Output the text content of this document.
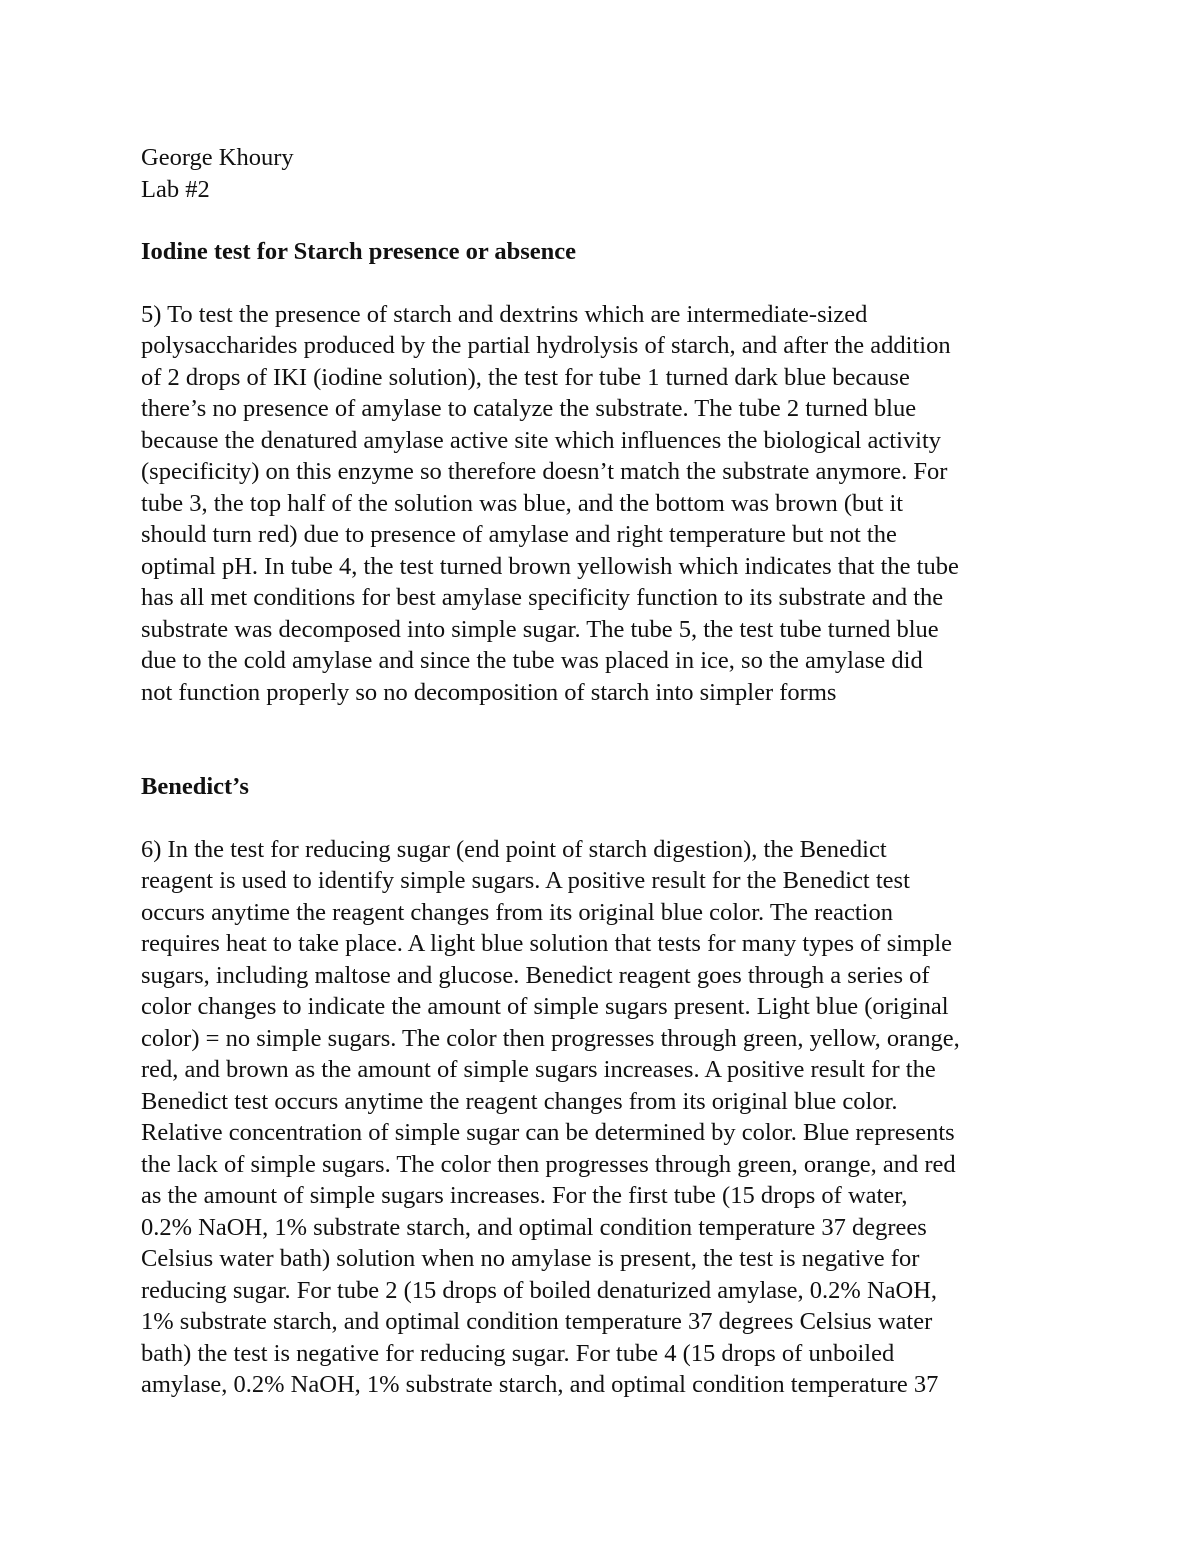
George Khoury
Lab #2
Iodine test for Starch presence or absence
5) To test the presence of starch and dextrins which are intermediate-sized
polysaccharides produced by the partial hydrolysis of starch, and after the addition
of 2 drops of IKI (iodine solution), the test for tube 1 turned dark blue because
there’s no presence of amylase to catalyze the substrate. The tube 2 turned blue
because the denatured amylase active site which influences the biological activity
(specificity) on this enzyme so therefore doesn’t match the substrate anymore. For
tube 3, the top half of the solution was blue, and the bottom was brown (but it
should turn red) due to presence of amylase and right temperature but not the
optimal pH. In tube 4, the test turned brown yellowish which indicates that the tube
has all met conditions for best amylase specificity function to its substrate and the
substrate was decomposed into simple sugar. The tube 5, the test tube turned blue
due to the cold amylase and since the tube was placed in ice, so the amylase did
not function properly so no decomposition of starch into simpler forms
Benedict’s
6) In the test for reducing sugar (end point of starch digestion), the Benedict
reagent is used to identify simple sugars. A positive result for the Benedict test
occurs anytime the reagent changes from its original blue color. The reaction
requires heat to take place. A light blue solution that tests for many types of simple
sugars, including maltose and glucose. Benedict reagent goes through a series of
color changes to indicate the amount of simple sugars present. Light blue (original
color) = no simple sugars. The color then progresses through green, yellow, orange,
red, and brown as the amount of simple sugars increases. A positive result for the
Benedict test occurs anytime the reagent changes from its original blue color.
Relative concentration of simple sugar can be determined by color. Blue represents
the lack of simple sugars. The color then progresses through green, orange, and red
as the amount of simple sugars increases. For the first tube (15 drops of water,
0.2% NaOH, 1% substrate starch, and optimal condition temperature 37 degrees
Celsius water bath) solution when no amylase is present, the test is negative for
reducing sugar. For tube 2 (15 drops of boiled denaturized amylase, 0.2% NaOH,
1% substrate starch, and optimal condition temperature 37 degrees Celsius water
bath) the test is negative for reducing sugar. For tube 4 (15 drops of unboiled
amylase, 0.2% NaOH, 1% substrate starch, and optimal condition temperature 37
